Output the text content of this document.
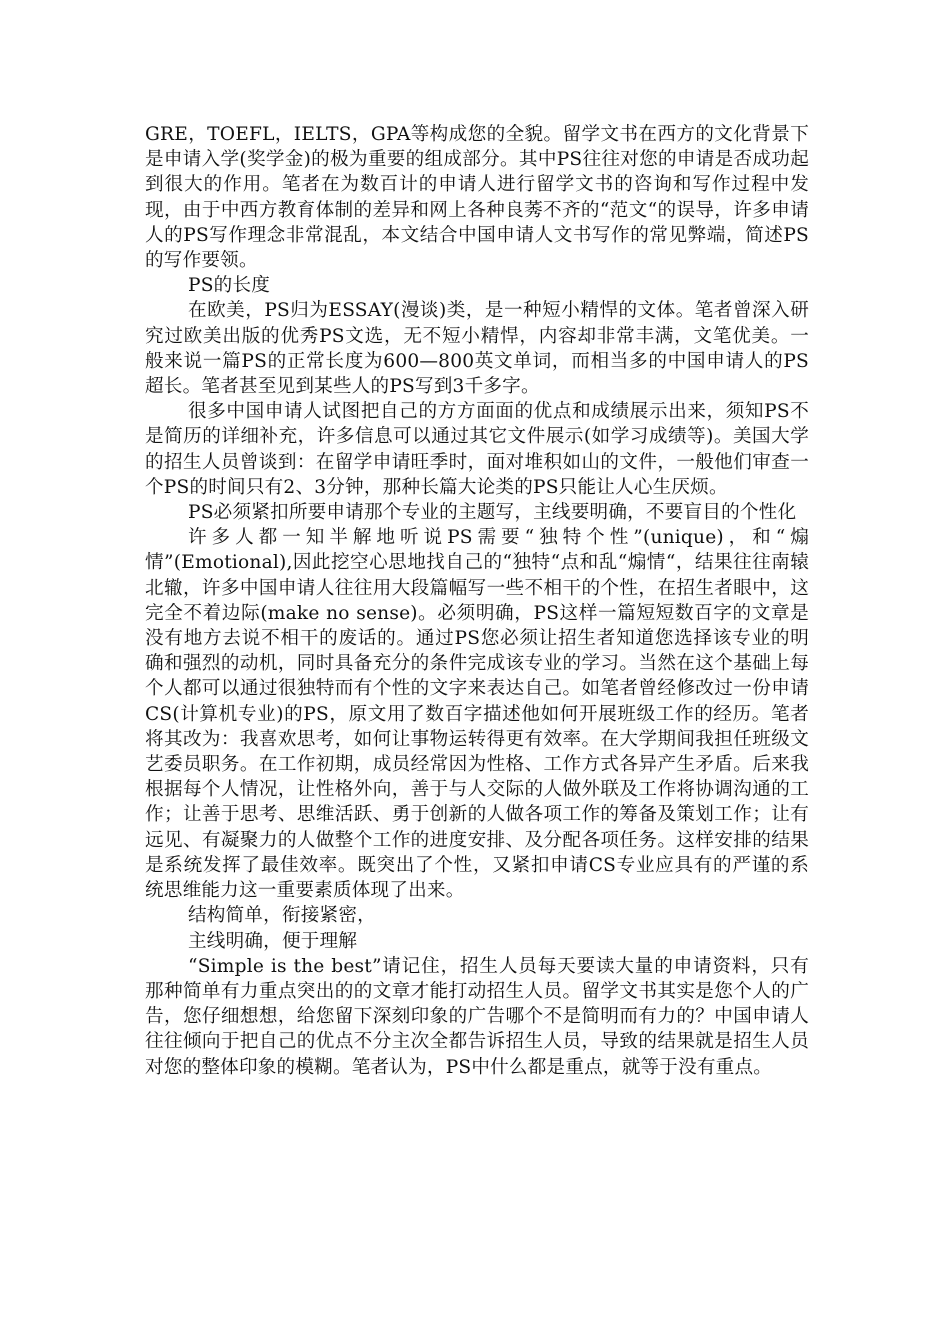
GRE，TOEFL，IELTS，GPA等构成您的全貌。留学文书在西方的文化背景下是申请入学(奖学金)的极为重要的组成部分。其中PS往往对您的申请是否成功起到很大的作用。笔者在为数百计的申请人进行留学文书的咨询和写作过程中发现，由于中西方教育体制的差异和网上各种良莠不齐的“范文“的误导，许多申请人的PS写作理念非常混乱，本文结合中国申请人文书写作的常见弊端，简述PS的写作要领。

PS的长度

在欧美，PS归为ESSAY(漫谈)类，是一种短小精悍的文体。笔者曾深入研究过欧美出版的优秀PS文选，无不短小精悍，内容却非常丰满，文笔优美。一般来说一篇PS的正常长度为600—800英文单词，而相当多的中国申请人的PS超长。笔者甚至见到某些人的PS写到3千多字。

很多中国申请人试图把自己的方方面面的优点和成绩展示出来，须知PS不是简历的详细补充，许多信息可以通过其它文件展示(如学习成绩等)。美国大学的招生人员曾谈到：在留学申请旺季时，面对堆积如山的文件，一般他们审查一个PS的时间只有2、3分钟，那种长篇大论类的PS只能让人心生厌烦。

PS必须紧扣所要申请那个专业的主题写，主线要明确，不要盲目的个性化

许多人都一知半解地听说PS需要“独特个性”(unique)，和“煽情”(Emotional),因此挖空心思地找自己的“独特“点和乱“煽情“，结果往往南辕北辙，许多中国申请人往往用大段篇幅写一些不相干的个性，在招生者眼中，这完全不着边际(make no sense)。必须明确，PS这样一篇短短数百字的文章是没有地方去说不相干的废话的。通过PS您必须让招生者知道您选择该专业的明确和强烈的动机，同时具备充分的条件完成该专业的学习。当然在这个基础上每个人都可以通过很独特而有个性的文字来表达自己。如笔者曾经修改过一份申请CS(计算机专业)的PS，原文用了数百字描述他如何开展班级工作的经历。笔者将其改为：我喜欢思考，如何让事物运转得更有效率。在大学期间我担任班级文艺委员职务。在工作初期，成员经常因为性格、工作方式各异产生矛盾。后来我根据每个人情况，让性格外向，善于与人交际的人做外联及工作将协调沟通的工作；让善于思考、思维活跃、勇于创新的人做各项工作的筹备及策划工作；让有远见、有凝聚力的人做整个工作的进度安排、及分配各项任务。这样安排的结果是系统发挥了最佳效率。既突出了个性，又紧扣申请CS专业应具有的严谨的系统思维能力这一重要素质体现了出来。

结构简单，衔接紧密，

主线明确，便于理解

“Simple is the best”请记住，招生人员每天要读大量的申请资料，只有那种简单有力重点突出的的文章才能打动招生人员。留学文书其实是您个人的广告，您仔细想想，给您留下深刻印象的广告哪个不是简明而有力的？中国申请人往往倾向于把自己的优点不分主次全都告诉招生人员，导致的结果就是招生人员对您的整体印象的模糊。笔者认为，PS中什么都是重点，就等于没有重点。
